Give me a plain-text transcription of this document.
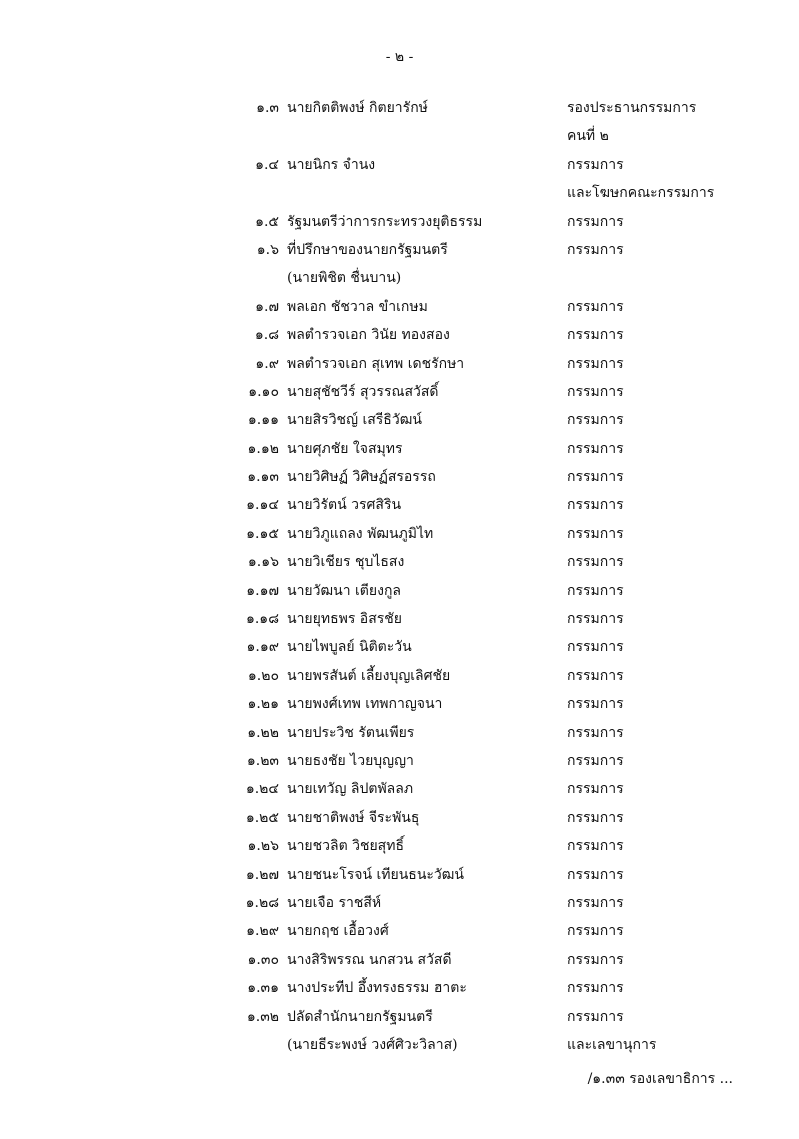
- ๒ -
๑.๓ นายกิตติพงษ์ กิตยารักษ์	รองประธานกรรมการ
คนที่ ๒
๑.๔ นายนิกร จำนง	กรรมการ
และโฆษกคณะกรรมการ
๑.๕ รัฐมนตรีว่าการกระทรวงยุติธรรม	กรรมการ
๑.๖ ที่ปรึกษาของนายกรัฐมนตรี	กรรมการ
(นายพิชิต ชื่นบาน)
๑.๗ พลเอก ชัชวาล ขำเกษม	กรรมการ
๑.๘ พลตำรวจเอก วินัย ทองสอง	กรรมการ
๑.๙ พลตำรวจเอก สุเทพ เดชรักษา	กรรมการ
๑.๑๐ นายสุชัชวีร์ สุวรรณสวัสดิ์	กรรมการ
๑.๑๑ นายสิรวิชญ์ เสรีธิวัฒน์	กรรมการ
๑.๑๒ นายศุภชัย ใจสมุทร	กรรมการ
๑.๑๓ นายวิศิษฏ์ วิศิษฏ์สรอรรถ	กรรมการ
๑.๑๔ นายวิรัตน์ วรศสิริน	กรรมการ
๑.๑๕ นายวิภูแถลง พัฒนภูมิไท	กรรมการ
๑.๑๖ นายวิเชียร ชุบไธสง	กรรมการ
๑.๑๗ นายวัฒนา เตียงกูล	กรรมการ
๑.๑๘ นายยุทธพร อิสรชัย	กรรมการ
๑.๑๙ นายไพบูลย์ นิติตะวัน	กรรมการ
๑.๒๐ นายพรสันต์ เลี้ยงบุญเลิศชัย	กรรมการ
๑.๒๑ นายพงศ์เทพ เทพกาญจนา	กรรมการ
๑.๒๒ นายประวิช รัตนเพียร	กรรมการ
๑.๒๓ นายธงชัย ไวยบุญญา	กรรมการ
๑.๒๔ นายเทวัญ ลิปตพัลลภ	กรรมการ
๑.๒๕ นายชาติพงษ์ จีระพันธุ	กรรมการ
๑.๒๖ นายชวลิต วิชยสุทธิ์	กรรมการ
๑.๒๗ นายชนะโรจน์ เทียนธนะวัฒน์	กรรมการ
๑.๒๘ นายเจือ ราชสีห์	กรรมการ
๑.๒๙ นายกฤช เอื้อวงศ์	กรรมการ
๑.๓๐ นางสิริพรรณ นกสวน สวัสดี	กรรมการ
๑.๓๑ นางประทีป อึ้งทรงธรรม ฮาตะ	กรรมการ
๑.๓๒ ปลัดสำนักนายกรัฐมนตรี	กรรมการ
(นายธีระพงษ์ วงศ์ศิวะวิลาส)	และเลขานุการ
/๑.๓๓ รองเลขาธิการ ...
